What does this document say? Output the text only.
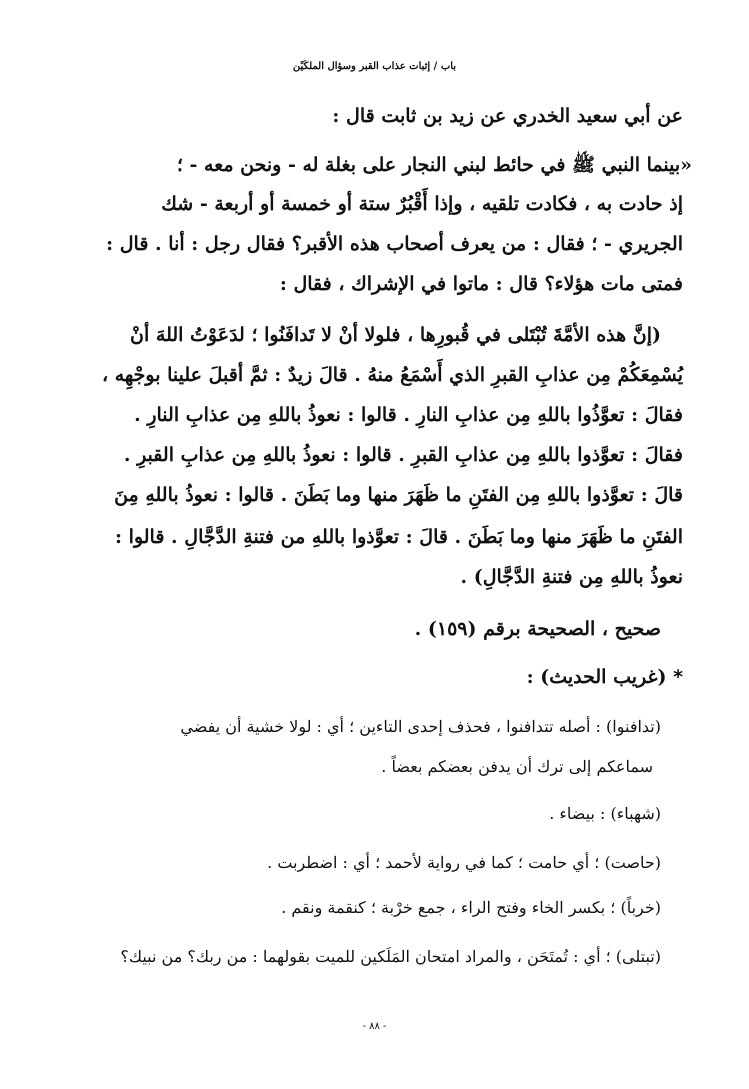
باب / إثبات عذاب القبر وسؤال الملكَيْن
عن أبي سعيد الخدري عن زيد بن ثابت قال :
«بينما النبي ﷺ في حائط لبني النجار على بغلة له - ونحن معه - ؛
إذ حادت به ، فكادت تلقيه ، وإذا أَقْبُرٌ ستة أو خمسة أو أربعة - شك
الجريري - ؛ فقال : من يعرف أصحاب هذه الأقبر؟ فقال رجل : أنا . قال :
فمتى مات هؤلاء؟ قال : ماتوا في الإشراك ، فقال :
(إنَّ هذه الأمَّةَ تُبْتَلى في قُبورِها ، فلولا أنْ لا تَدافَنُوا ؛ لدَعَوْتُ اللهَ أنْ
يُسْمِعَكُمْ مِن عذابِ القبرِ الذي أَسْمَعُ منهُ . قالَ زيدٌ : ثمَّ أقبلَ علينا بوجْهِه ،
فقالَ : تعوَّذُوا باللهِ مِن عذابِ النارِ . قالوا : نعوذُ باللهِ مِن عذابِ النارِ .
فقالَ : تعوَّذوا باللهِ مِن عذابِ القبرِ . قالوا : نعوذُ باللهِ مِن عذابِ القبرِ .
قالَ : تعوَّذوا باللهِ مِن الفتَنِ ما ظَهَرَ منها وما بَطَنَ . قالوا : نعوذُ باللهِ مِنَ
الفتَنِ ما ظَهَرَ منها وما بَطَنَ . قالَ : تعوَّذوا باللهِ من فتنةِ الدَّجَّالِ . قالوا :
نعوذُ باللهِ مِن فتنةِ الدَّجَّالِ) .
صحيح ، الصحيحة برقم (١٥٩) .
* (غريب الحديث) :
(تدافنوا) : أصله تتدافنوا ، فحذف إحدى التاءين ؛ أي : لولا خشية أن يفضي
سماعكم إلى ترك أن يدفن بعضكم بعضاً .
(شهباء) : بيضاء .
(حاصت) ؛ أي حامت ؛ كما في رواية لأحمد ؛ أي : اضطربت .
(خرباً) ؛ بكسر الخاء وفتح الراء ، جمع خرْبة ؛ كنقمة ونقم .
(تبتلى) ؛ أي : تُمتَحَن ، والمراد امتحان المَلَكين للميت بقولهما : من ربك؟ من نبيك؟
- ٨٨ -
